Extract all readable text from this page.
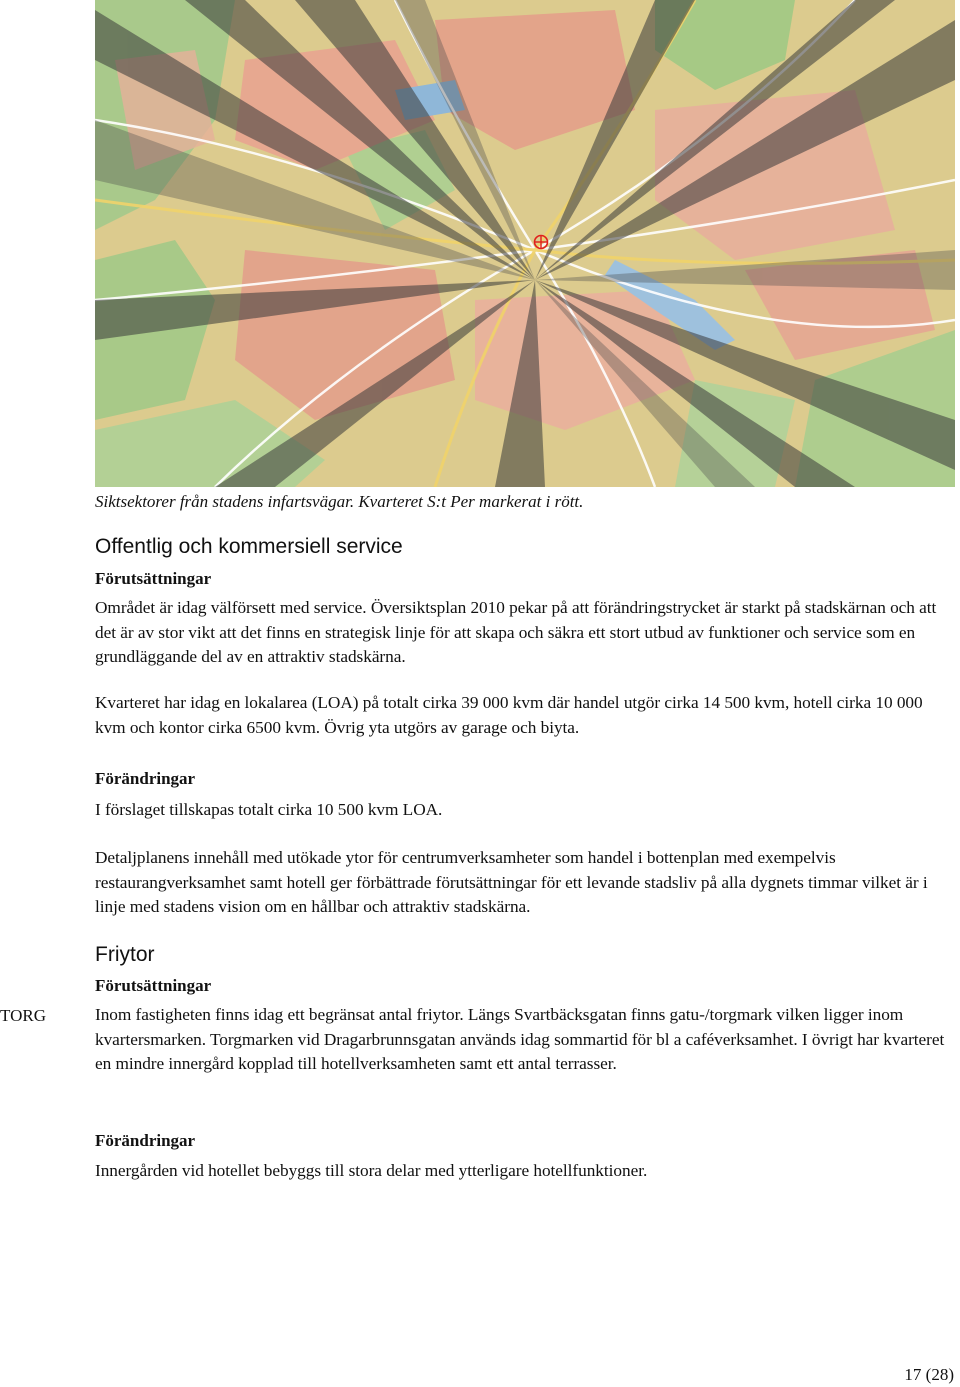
Siktsektorer från stadens infartsvägar. Kvarteret S:t Per markerat i rött.

Offentlig och kommersiell service
Förutsättningar

Området är idag välförsett med service. Översiktsplan 2010 pekar på att förändringstrycket är starkt på stadskärnan och att det är av stor vikt att det finns en strategisk linje för att skapa och säkra ett stort utbud av funktioner och service som en grundläggande del av en attraktiv stadskärna.

Kvarteret har idag en lokalarea (LOA) på totalt cirka 39 000 kvm där handel utgör cirka 14 500 kvm, hotell cirka 10 000 kvm och kontor cirka 6500 kvm. Övrig yta utgörs av garage och biyta.

Förändringar

I förslaget tillskapas totalt cirka 10 500 kvm LOA.

Detaljplanens innehåll med utökade ytor för centrumverksamheter som handel i bottenplan med exempelvis restaurangverksamhet samt hotell ger förbättrade förutsättningar för ett levande stadsliv på alla dygnets timmar vilket är i linje med stadens vision om en hållbar och attraktiv stadskärna.

Friytor
Förutsättningar

TORG	Inom fastigheten finns idag ett begränsat antal friytor. Längs Svartbäcksgatan finns gatu-/torgmark vilken ligger inom kvartersmarken. Torgmarken vid Dragarbrunnsgatan används idag sommartid för bl a caféverksamhet. I övrigt har kvarteret en mindre innergård kopplad till hotellverksamheten samt ett antal terrasser.

Förändringar

Innergården vid hotellet bebyggs till stora delar med ytterligare hotellfunktioner.

17 (28)
